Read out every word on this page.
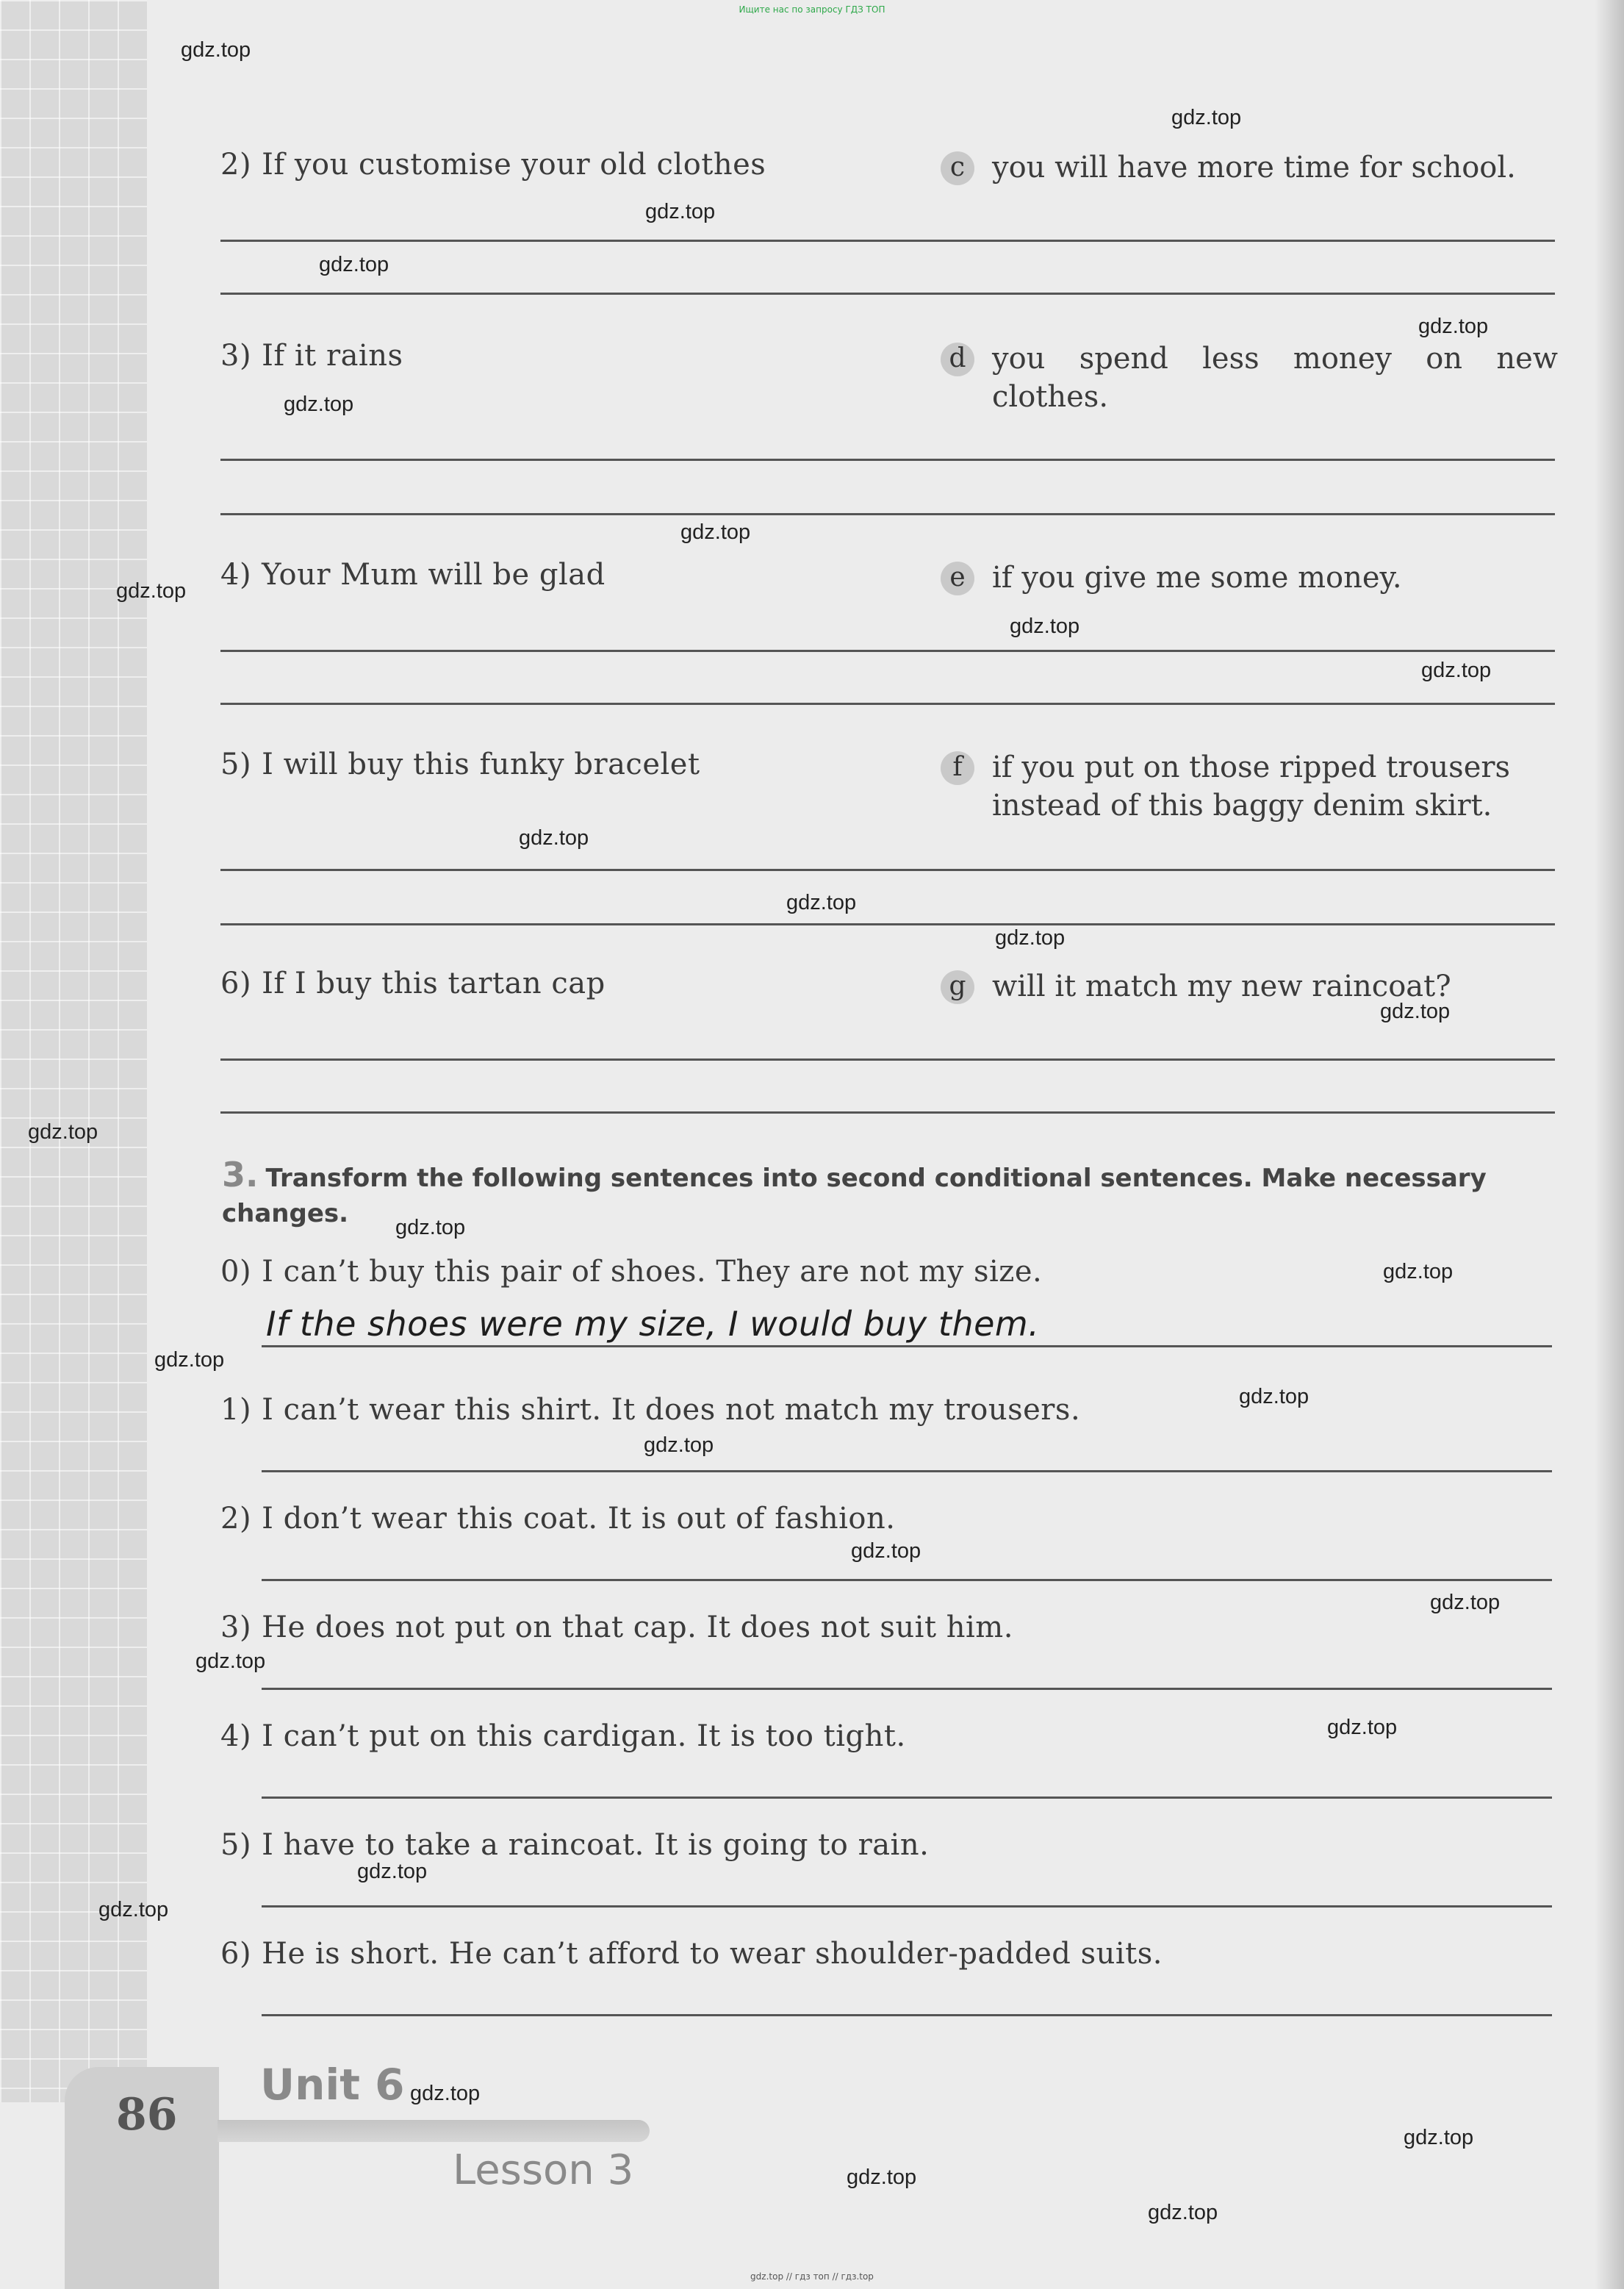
Ищите нас по запросу ГДЗ ТОП
gdz.top
gdz.top
gdz.top
gdz.top
gdz.top
gdz.top
gdz.top
gdz.top
gdz.top
gdz.top
gdz.top
gdz.top
gdz.top
gdz.top
gdz.top
gdz.top
gdz.top
gdz.top
gdz.top
gdz.top
gdz.top
gdz.top
gdz.top
gdz.top
gdz.top
gdz.top
gdz.top
gdz.top
gdz.top
gdz.top
2) If you customise your old clothes
3) If it rains
4) Your Mum will be glad
5) I will buy this funky bracelet
6) If I buy this tartan cap
c you will have more time for school.
d you spend less money on new
clothes.
e if you give me some money.
f	if you put on those ripped trousers
instead of this baggy denim skirt.
g will it match my new raincoat?
3. Transform the following sentences into second conditional sentences. Make necessary changes.
0) I can’t buy this pair of shoes. They are not my size.
If the shoes were my size, I would buy them.
1) I can’t wear this shirt. It does not match my trousers.
2) I don’t wear this coat. It is out of fashion.
3) He does not put on that cap. It does not suit him.
4) I can’t put on this cardigan. It is too tight.
5) I have to take a raincoat. It is going to rain.
6) He is short. He can’t afford to wear shoulder-padded suits.
86
Unit 6
Lesson 3
gdz.top // гдз топ // гдз.top
